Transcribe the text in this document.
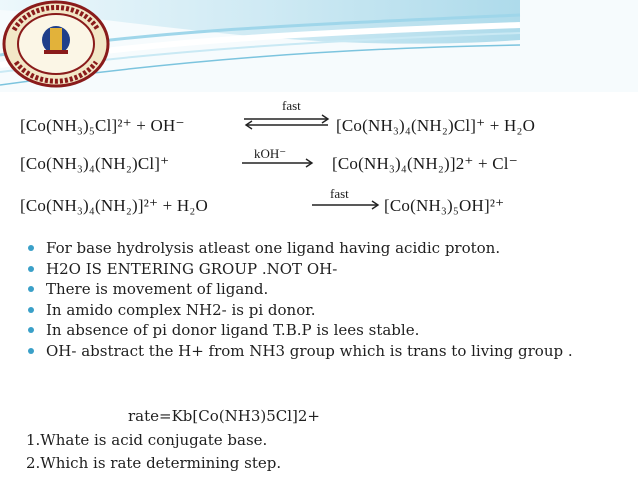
[Co(NH₃)₅Cl]²⁺ + OH⁻
fast
[Co(NH₃)₄(NH₂)Cl]⁺ + H₂O
[Co(NH₃)₄(NH₂)Cl]⁺
kOH⁻
[Co(NH₃)₄(NH₂)]2⁺ + Cl⁻
[Co(NH₃)₄(NH₂)]²⁺ + H₂O
fast
[Co(NH₃)₅OH]²⁺
For base hydrolysis atleast one ligand having acidic proton.
H2O IS ENTERING GROUP .NOT OH-
There is movement of ligand.
In amido complex NH2- is pi donor.
In absence of pi donor ligand T.B.P is lees stable.
OH- abstract the H+ from NH3 group which is trans to living group .
rate=Kb[Co(NH3)5Cl]2+
1.Whate is acid conjugate base.
2.Which is rate determining step.
